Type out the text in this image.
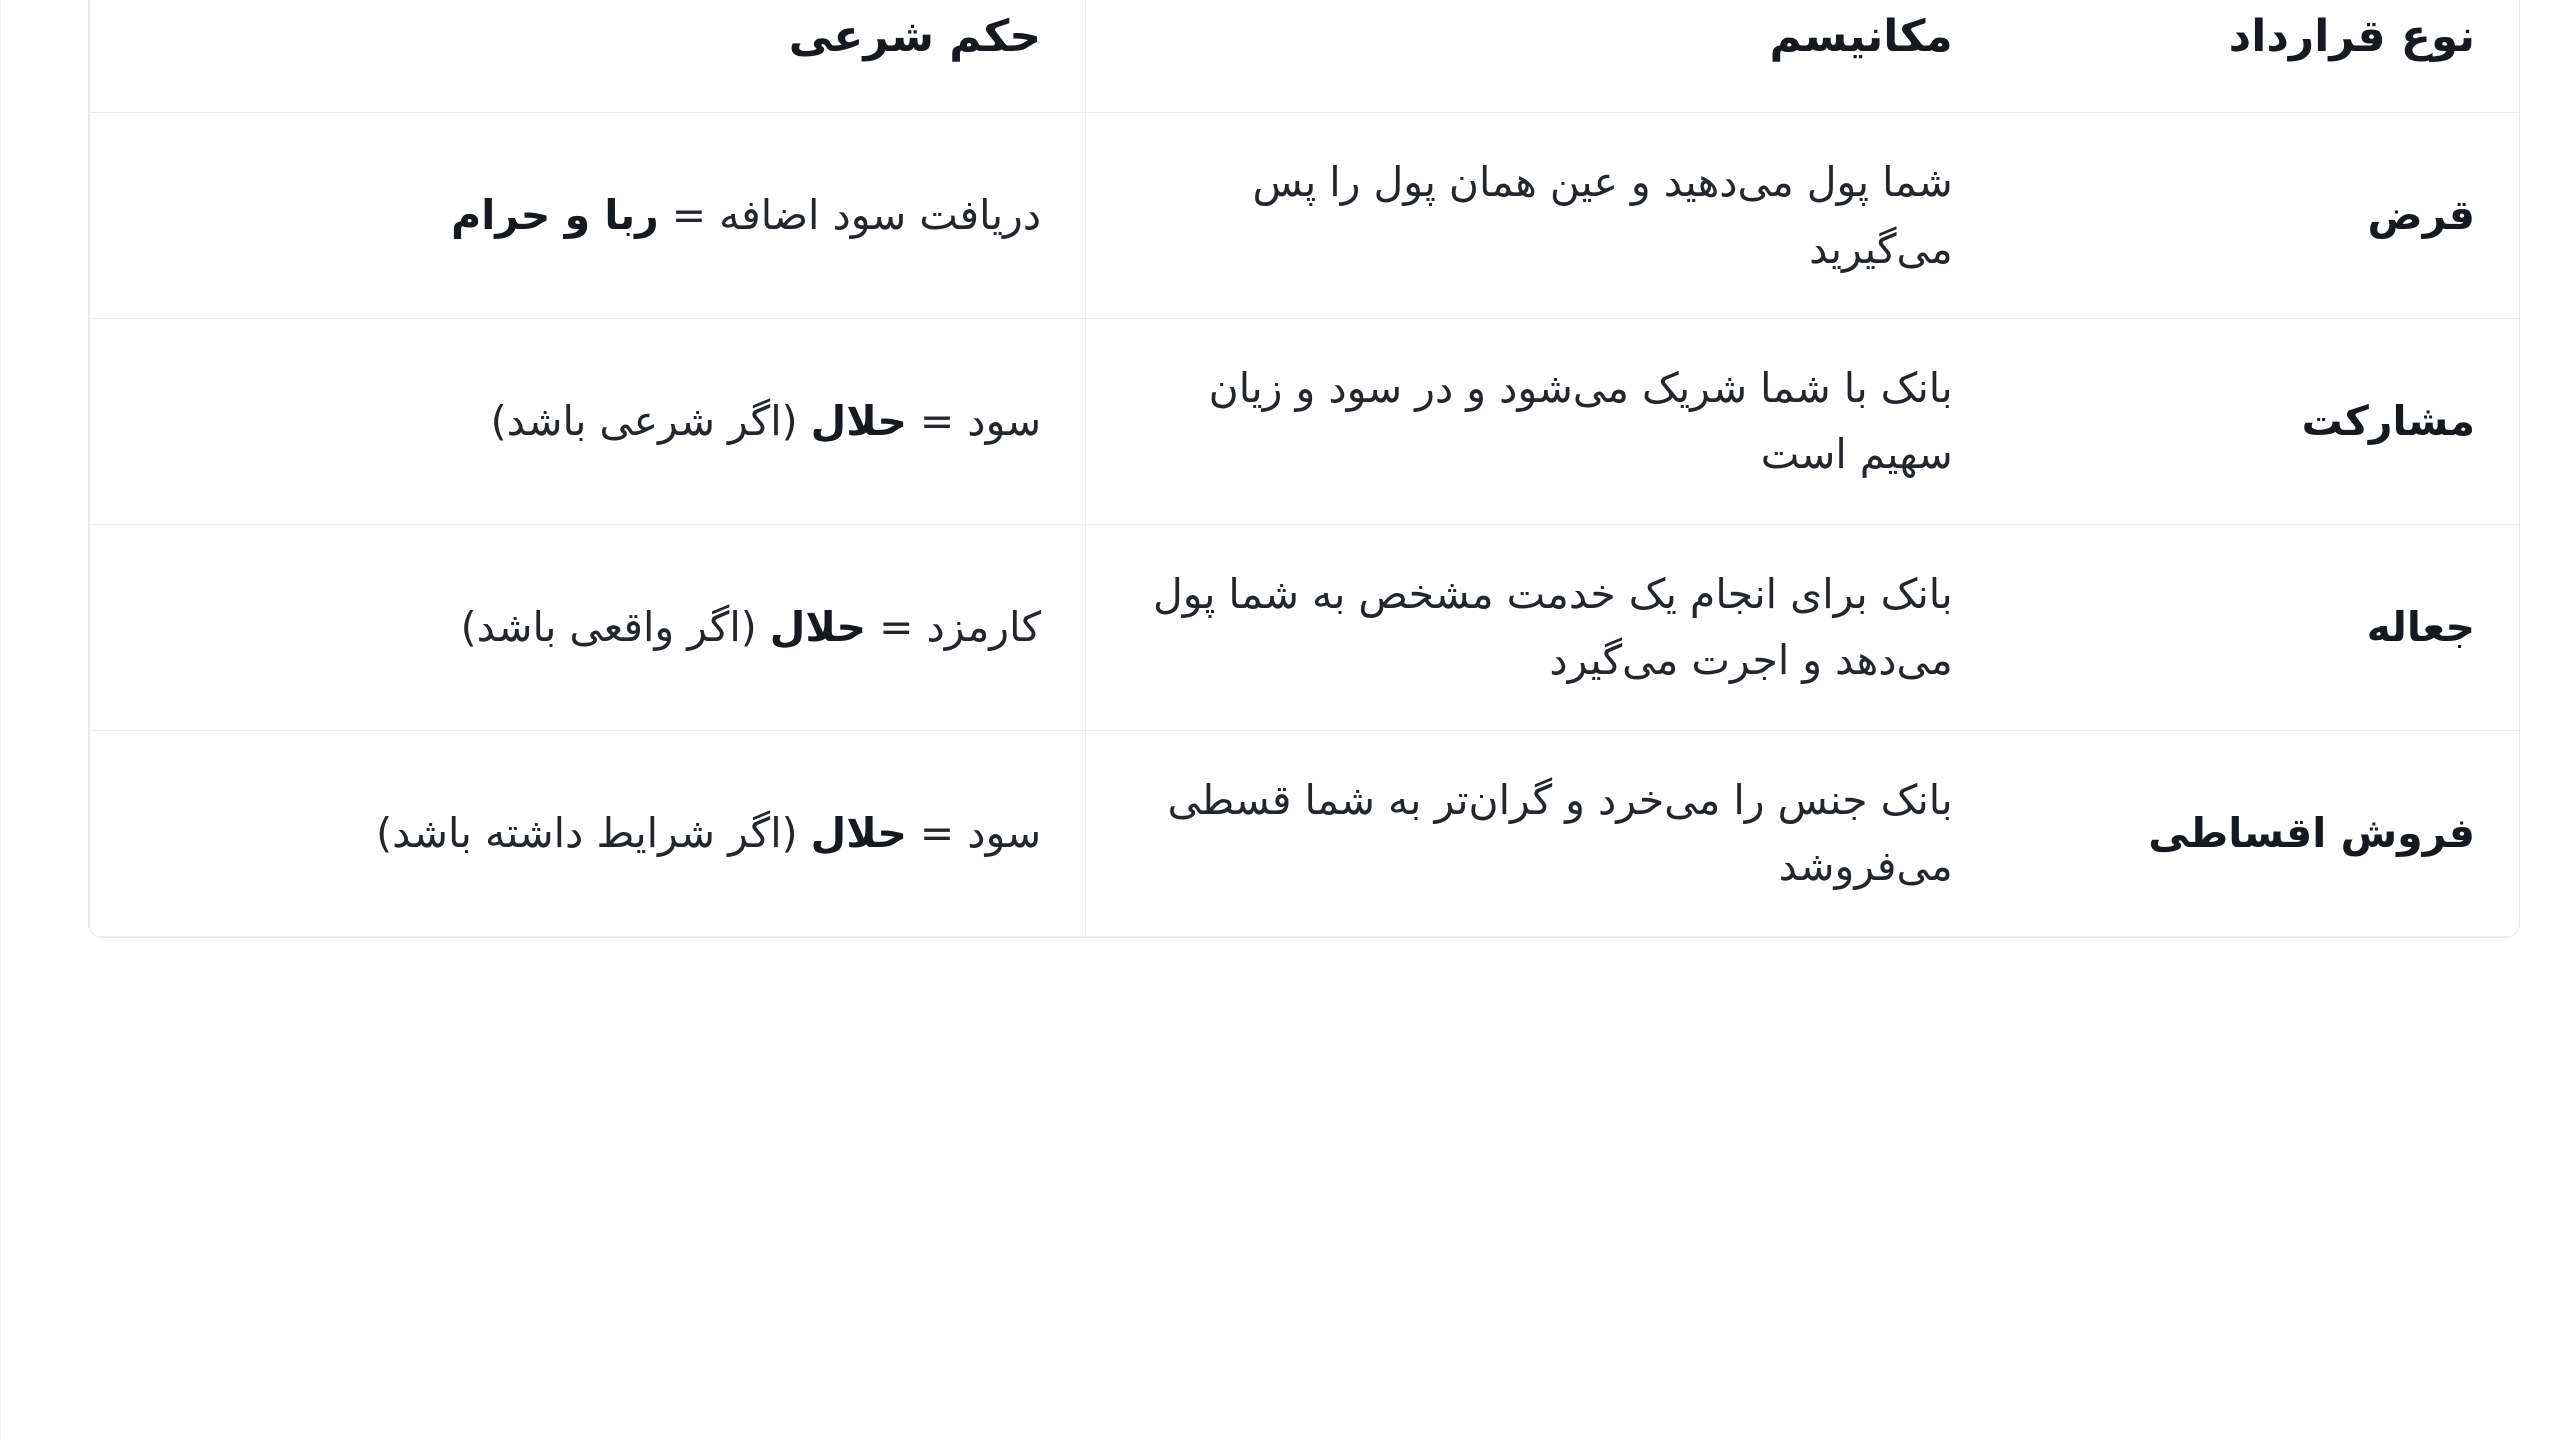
نوع قرارداد	مکانیسم	حکم شرعی
قرض	شما پول می‌دهید و عین همان پول را پس می‌گیرید	دریافت سود اضافه = ربا و حرام
مشارکت	بانک با شما شریک می‌شود و در سود و زیان سهیم است	سود = حلال (اگر شرعی باشد)
جعاله	بانک برای انجام یک خدمت مشخص به شما پول می‌دهد و اجرت می‌گیرد	کارمزد = حلال (اگر واقعی باشد)
فروش اقساطی	بانک جنس را می‌خرد و گران‌تر به شما قسطی می‌فروشد	سود = حلال (اگر شرایط داشته باشد)
